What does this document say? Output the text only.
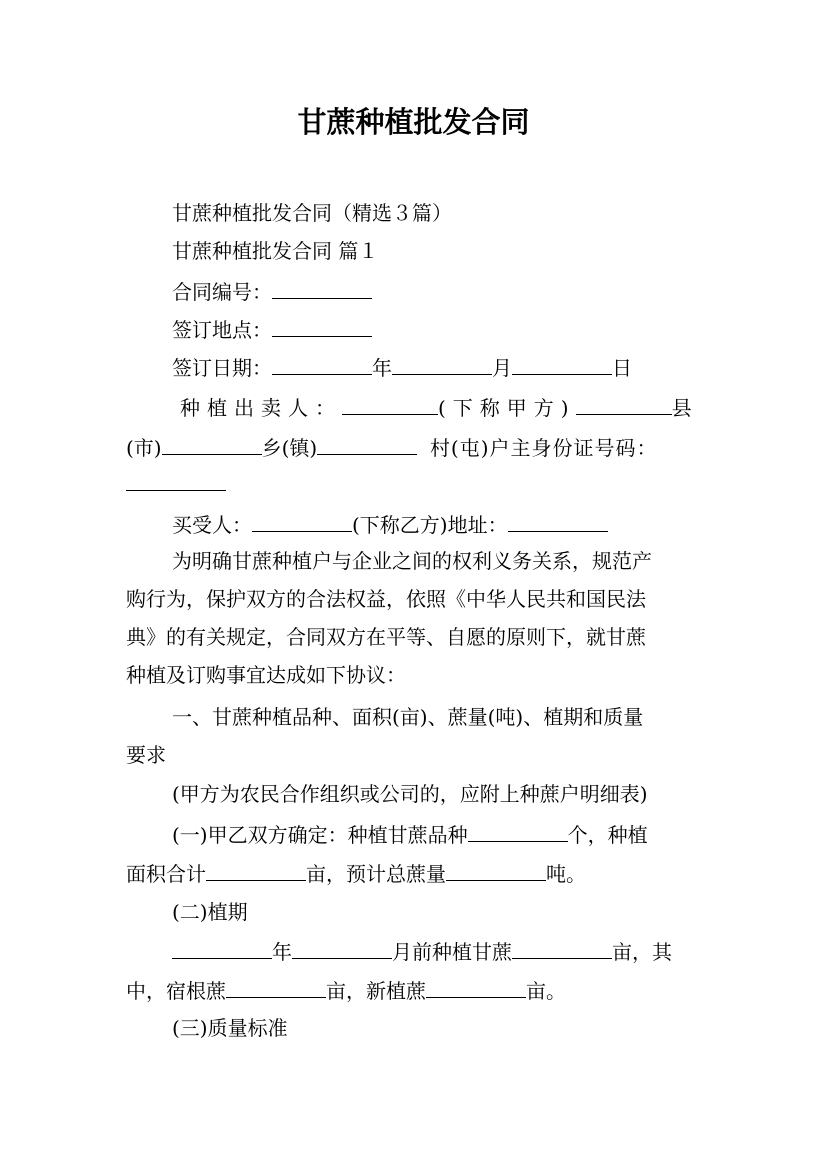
甘蔗种植批发合同
甘蔗种植批发合同（精选３篇）
甘蔗种植批发合同 篇１
合同编号：
签订地点：
签订日期：	年	月	日
种植出卖人：	(下称甲方)	县
(市)	乡(镇)	村(屯)户主身份证号码：
买受人：	(下称乙方)地址：
为明确甘蔗种植户与企业之间的权利义务关系，规范产
购行为，保护双方的合法权益，依照《中华人民共和国民法
典》的有关规定，合同双方在平等、自愿的原则下，就甘蔗
种植及订购事宜达成如下协议：
一、甘蔗种植品种、面积(亩)、蔗量(吨)、植期和质量
要求
(甲方为农民合作组织或公司的，应附上种蔗户明细表)
(一)甲乙双方确定：种植甘蔗品种	个，种植
面积合计	亩，预计总蔗量	吨。
(二)植期
年	月前种植甘蔗	亩，其
中，宿根蔗	亩，新植蔗	亩。
(三)质量标准
